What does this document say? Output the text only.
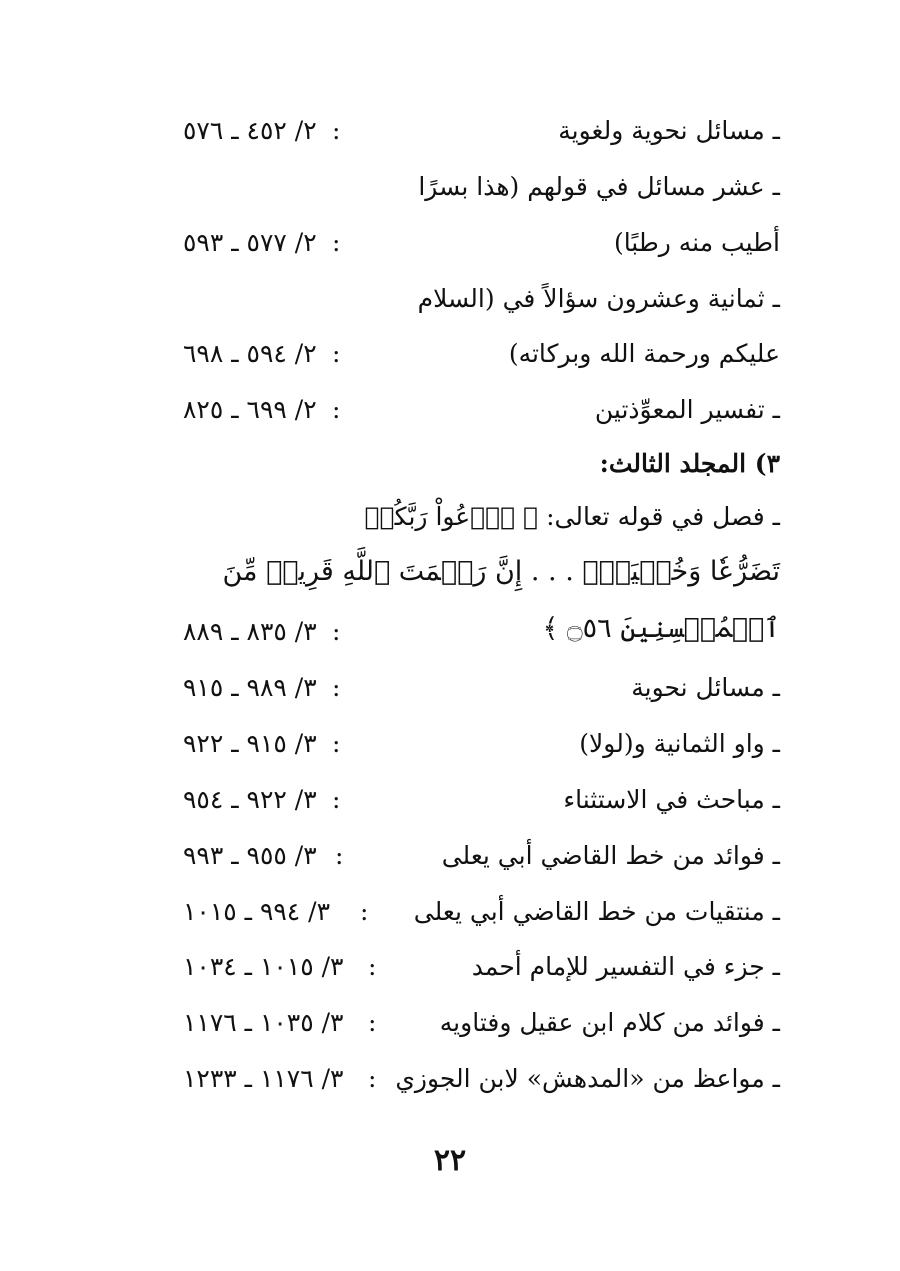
ـ مسائل نحوية ولغوية
:
٢/ ٤٥٢ ـ ٥٧٦
ـ عشر مسائل في قولهم (هذا بسرًا
أطيب منه رطبًا)
:
٢/ ٥٧٧ ـ ٥٩٣
ـ ثمانية وعشرون سؤالاً في (السلام
عليكم ورحمة الله وبركاته)
:
٢/ ٥٩٤ ـ ٦٩٨
ـ تفسير المعوِّذتين
:
٢/ ٦٩٩ ـ ٨٢٥
٣) المجلد الثالث:
ـ فصل في قوله تعالى: ﴿ ٱدۡعُواْ رَبَّكُمۡ
تَضَرُّعٗا وَخُفۡيَةًۚ . . . إِنَّ رَحۡمَتَ ٱللَّهِ قَرِيبٞ مِّنَ
ٱلۡمُحۡسِنِينَ ۝٥٦ ﴾
:
٣/ ٨٣٥ ـ ٨٨٩
ـ مسائل نحوية
:
٣/ ٩٨٩ ـ ٩١٥
ـ واو الثمانية و(لولا)
:
٣/ ٩١٥ ـ ٩٢٢
ـ مباحث في الاستثناء
:
٣/ ٩٢٢ ـ ٩٥٤
ـ فوائد من خط القاضي أبي يعلى
:
٣/ ٩٥٥ ـ ٩٩٣
ـ منتقيات من خط القاضي أبي يعلى
:
٣/ ٩٩٤ ـ ١٠١٥
ـ جزء في التفسير للإمام أحمد
:
٣/ ١٠١٥ ـ ١٠٣٤
ـ فوائد من كلام ابن عقيل وفتاويه
:
٣/ ١٠٣٥ ـ ١١٧٦
ـ مواعظ من «المدهش» لابن الجوزي
:
٣/ ١١٧٦ ـ ١٢٣٣
٢٢
